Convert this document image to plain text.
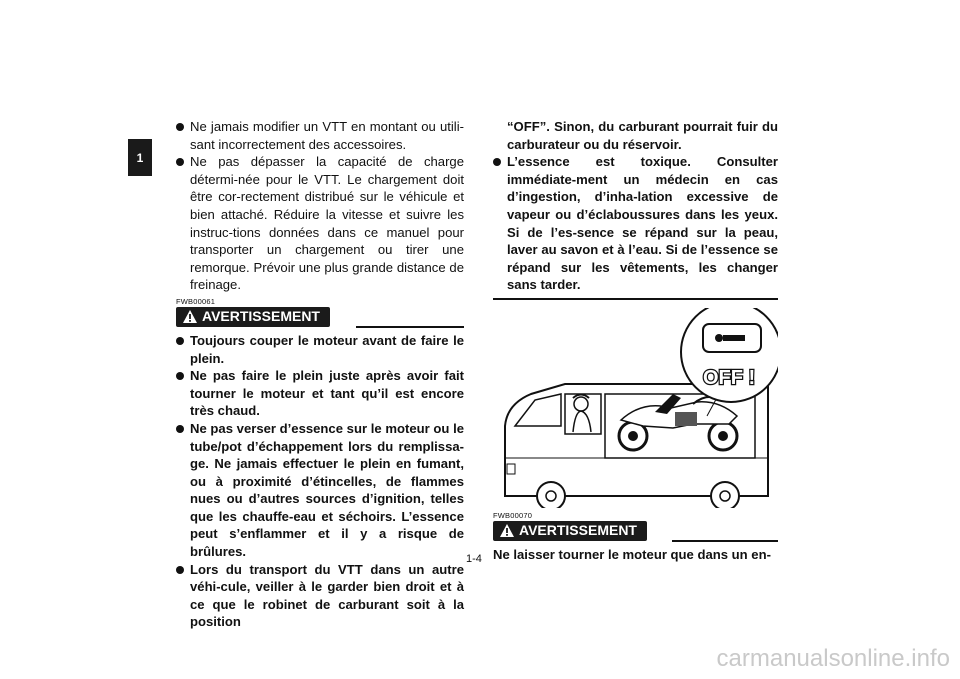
1
Ne jamais modifier un VTT en montant ou utili-sant incorrectement des accessoires.
Ne pas dépasser la capacité de charge détermi-née pour le VTT. Le chargement doit être cor-rectement distribué sur le véhicule et bien attaché. Réduire la vitesse et suivre les instruc-tions données dans ce manuel pour transporter un chargement ou tirer une remorque. Prévoir une plus grande distance de freinage.
FWB00061
AVERTISSEMENT
Toujours couper le moteur avant de faire le plein.
Ne pas faire le plein juste après avoir fait tourner le moteur et tant qu’il est encore très chaud.
Ne pas verser d’essence sur le moteur ou le tube/pot d’échappement lors du remplissa-ge. Ne jamais effectuer le plein en fumant, ou à proximité d’étincelles, de flammes nues ou d’autres sources d’ignition, telles que les chauffe-eau et séchoirs. L’essence peut s’enflammer et il y a risque de brûlures.
Lors du transport du VTT dans un autre véhi-cule, veiller à le garder bien droit et à ce que le robinet de carburant soit à la position
“OFF”. Sinon, du carburant pourrait fuir du carburateur ou du réservoir.
L’essence est toxique. Consulter immédiate-ment un médecin en cas d’ingestion, d’inha-lation excessive de vapeur ou d’éclaboussures dans les yeux. Si de l’es-sence se répand sur la peau, laver au savon et à l’eau. Si de l’essence se répand sur les vêtements, les changer sans tarder.
OFF !
FWB00070
AVERTISSEMENT
Ne laisser tourner le moteur que dans un en-
1-4
carmanualsonline.info
